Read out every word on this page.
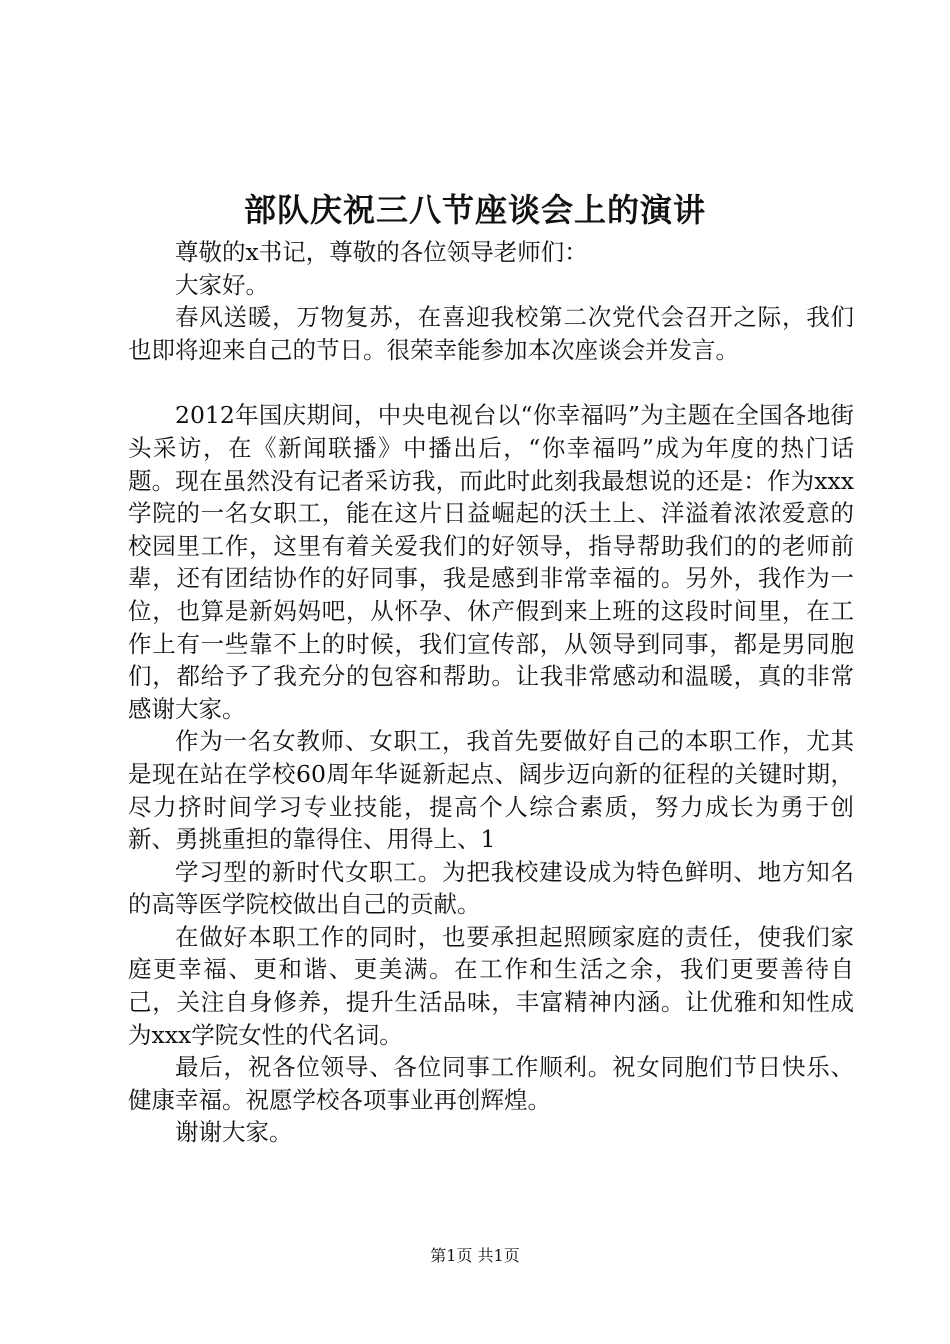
部队庆祝三八节座谈会上的演讲

尊敬的x书记，尊敬的各位领导老师们：

大家好。

春风送暖，万物复苏，在喜迎我校第二次党代会召开之际，我们也即将迎来自己的节日。很荣幸能参加本次座谈会并发言。

2012年国庆期间，中央电视台以“你幸福吗”为主题在全国各地街头采访，在《新闻联播》中播出后，“你幸福吗”成为年度的热门话题。现在虽然没有记者采访我，而此时此刻我最想说的还是：作为xxx学院的一名女职工，能在这片日益崛起的沃土上、洋溢着浓浓爱意的校园里工作，这里有着关爱我们的好领导，指导帮助我们的的老师前辈，还有团结协作的好同事，我是感到非常幸福的。另外，我作为一位，也算是新妈妈吧，从怀孕、休产假到来上班的这段时间里，在工作上有一些靠不上的时候，我们宣传部，从领导到同事，都是男同胞们，都给予了我充分的包容和帮助。让我非常感动和温暖，真的非常感谢大家。

作为一名女教师、女职工，我首先要做好自己的本职工作，尤其是现在站在学校60周年华诞新起点、阔步迈向新的征程的关键时期，尽力挤时间学习专业技能，提高个人综合素质，努力成长为勇于创新、勇挑重担的靠得住、用得上、1

学习型的新时代女职工。为把我校建设成为特色鲜明、地方知名的高等医学院校做出自己的贡献。

在做好本职工作的同时，也要承担起照顾家庭的责任，使我们家庭更幸福、更和谐、更美满。在工作和生活之余，我们更要善待自己，关注自身修养，提升生活品味，丰富精神内涵。让优雅和知性成为xxx学院女性的代名词。

最后，祝各位领导、各位同事工作顺利。祝女同胞们节日快乐、健康幸福。祝愿学校各项事业再创辉煌。

谢谢大家。

第1页 共1页
